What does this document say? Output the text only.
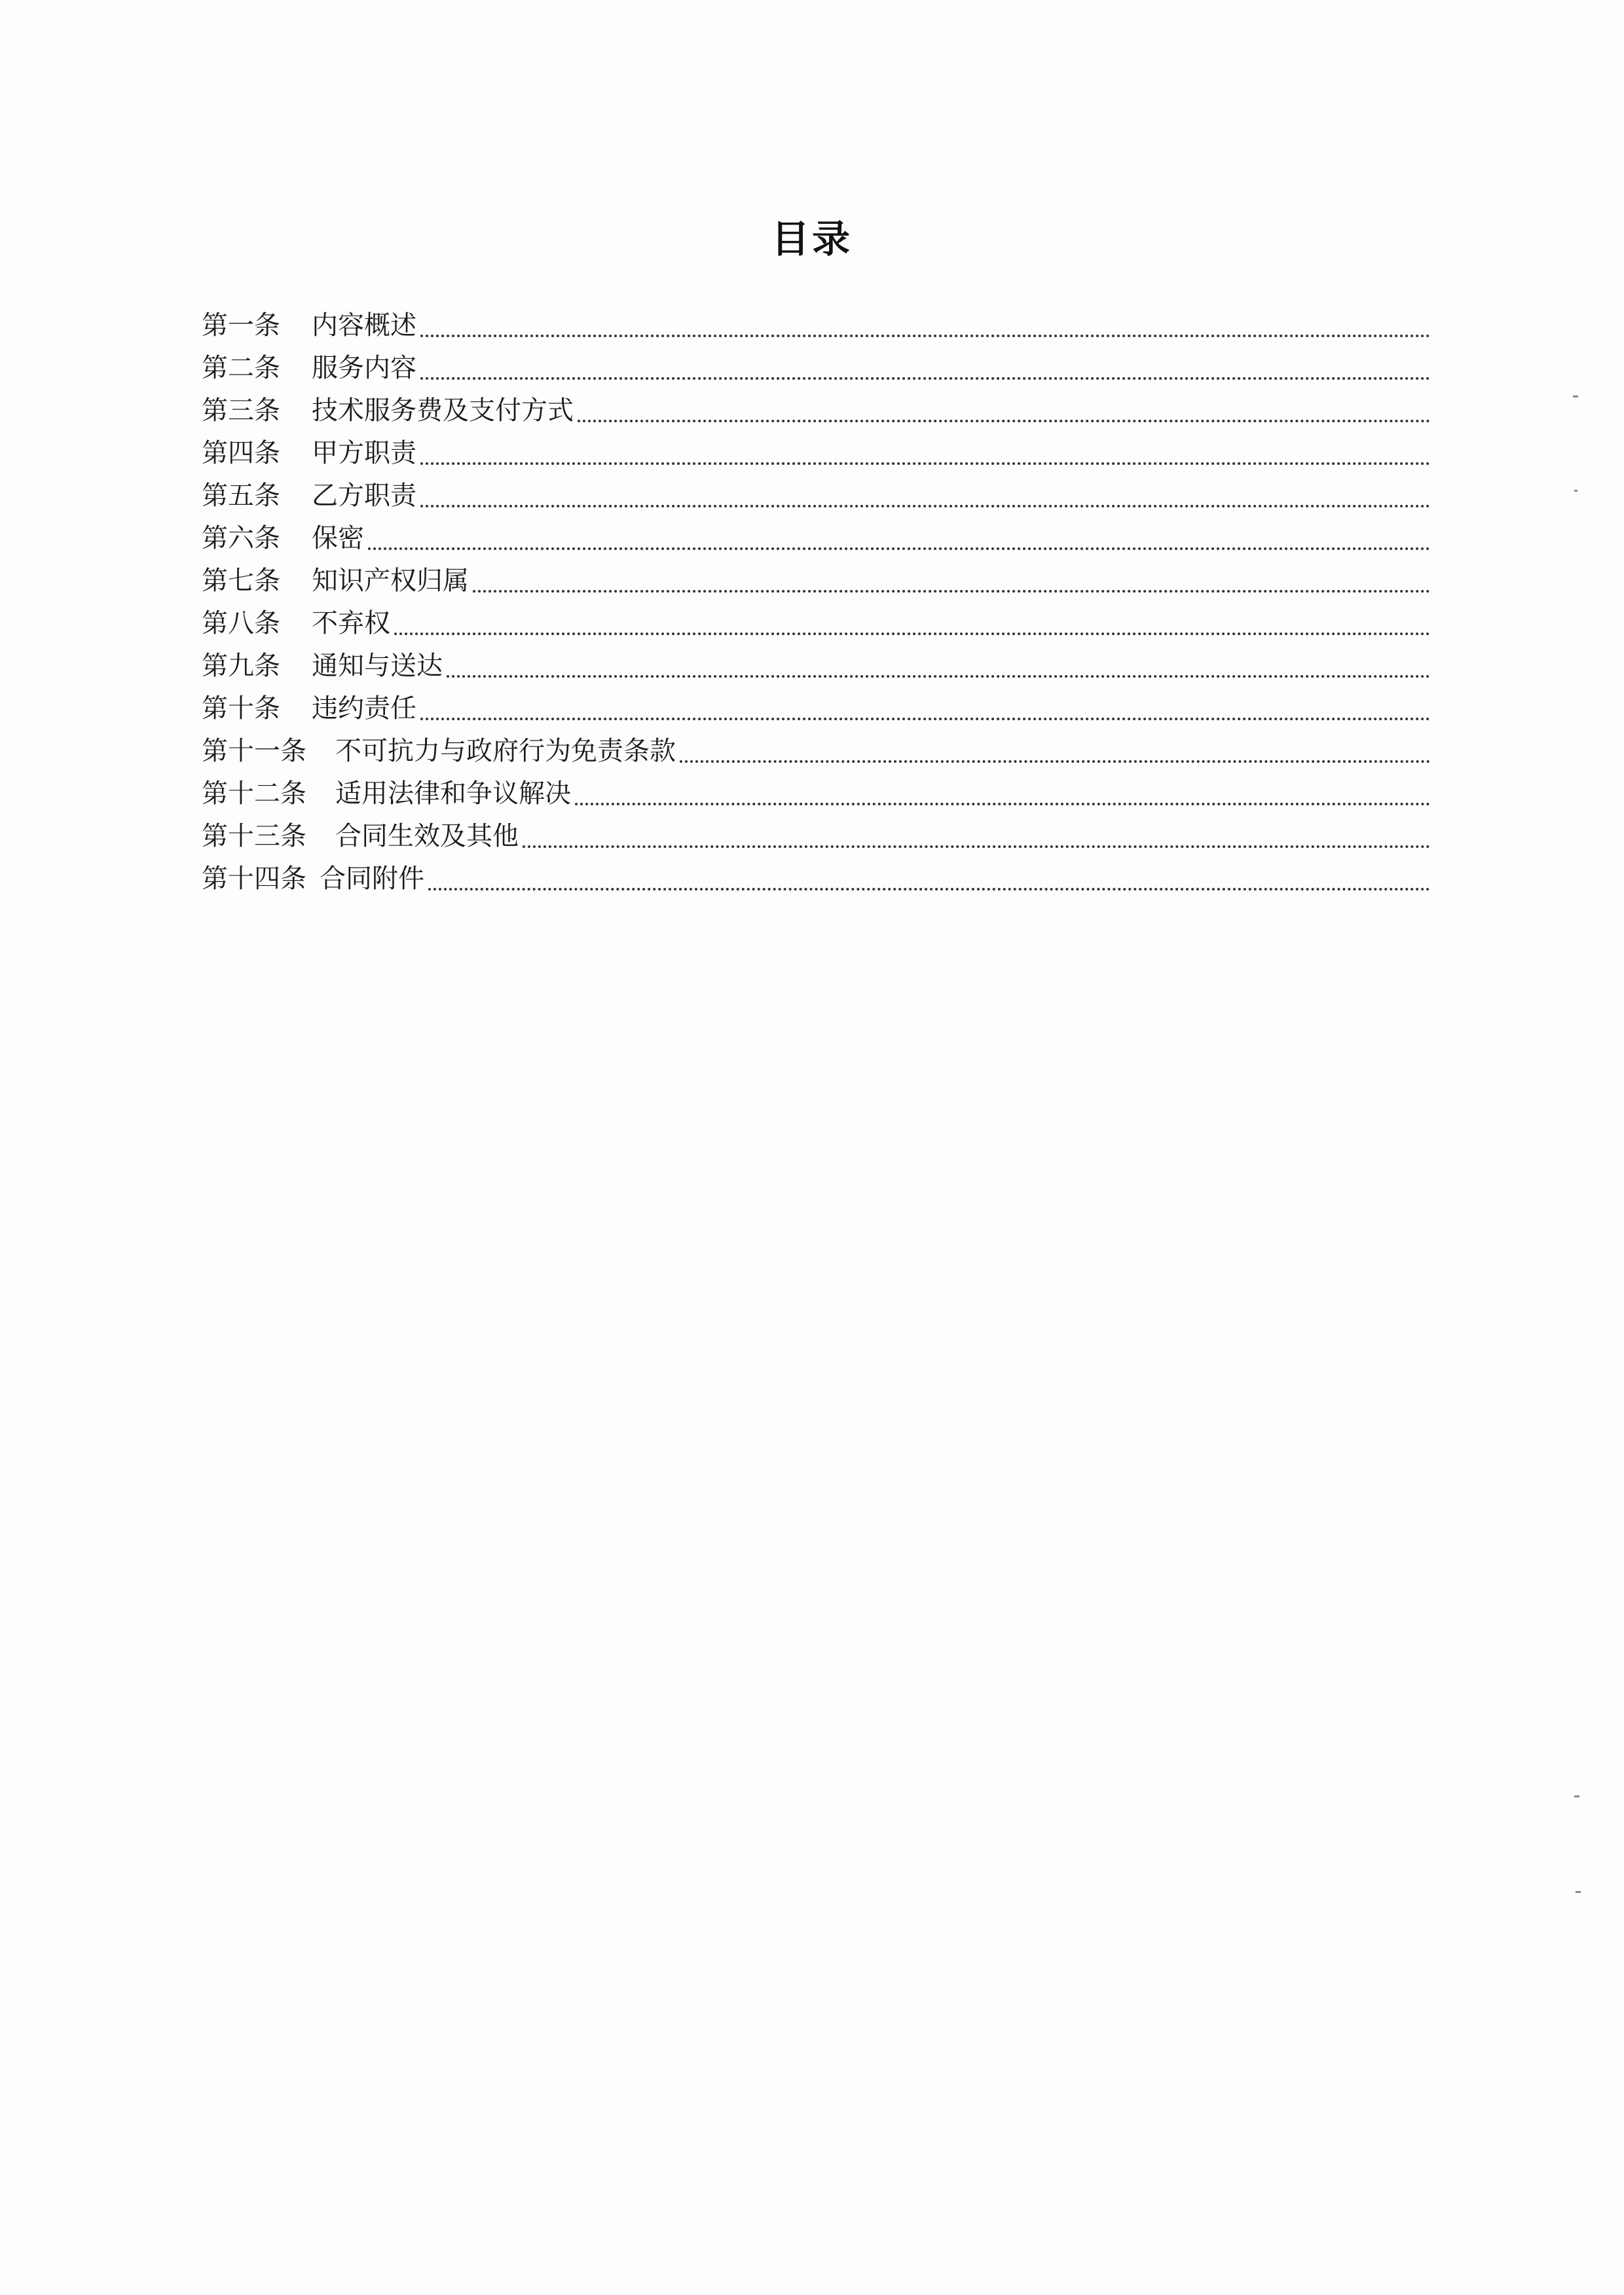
目录
第一条 内容概述
第二条 服务内容
第三条 技术服务费及支付方式
第四条 甲方职责
第五条 乙方职责
第六条 保密
第七条 知识产权归属
第八条 不弃权
第九条 通知与送达
第十条 违约责任
第十一条 不可抗力与政府行为免责条款
第十二条 适用法律和争议解决
第十三条 合同生效及其他
第十四条 合同附件
